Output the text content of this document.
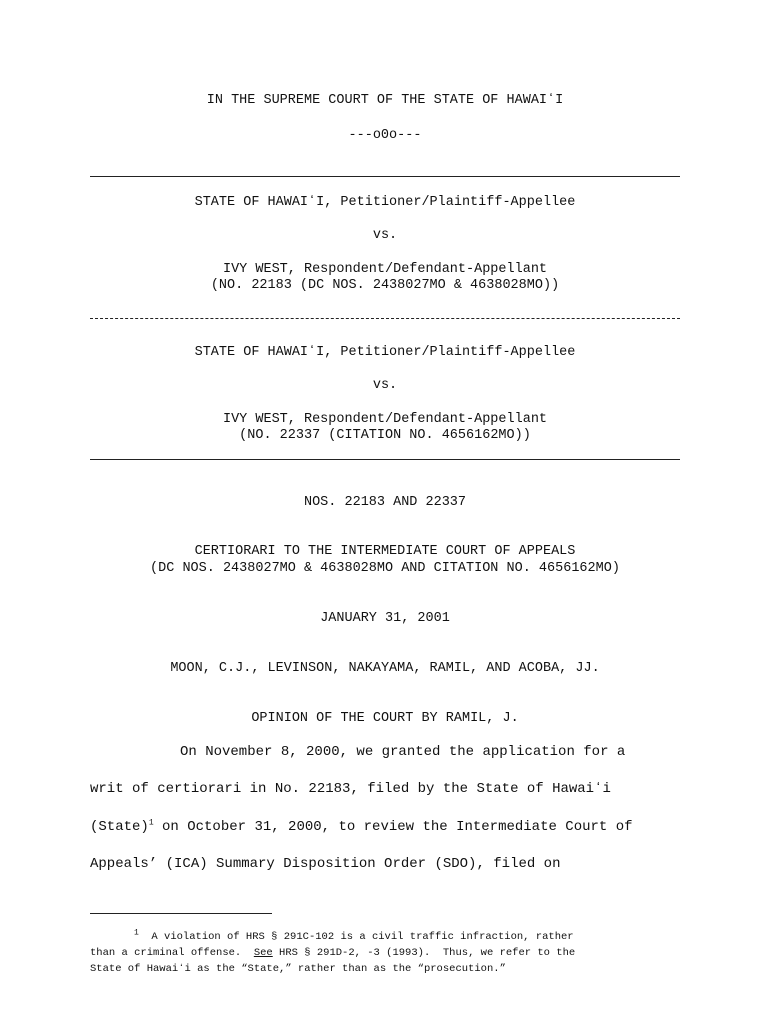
IN THE SUPREME COURT OF THE STATE OF HAWAIʻI
---o0o---
STATE OF HAWAIʻI, Petitioner/Plaintiff-Appellee
vs.
IVY WEST, Respondent/Defendant-Appellant
(NO. 22183 (DC NOS. 2438027MO & 4638028MO))
STATE OF HAWAIʻI, Petitioner/Plaintiff-Appellee
vs.
IVY WEST, Respondent/Defendant-Appellant
(NO. 22337 (CITATION NO. 4656162MO))
NOS. 22183 AND 22337
CERTIORARI TO THE INTERMEDIATE COURT OF APPEALS
(DC NOS. 2438027MO & 4638028MO AND CITATION NO. 4656162MO)
JANUARY 31, 2001
MOON, C.J., LEVINSON, NAKAYAMA, RAMIL, AND ACOBA, JJ.
OPINION OF THE COURT BY RAMIL, J.
On November 8, 2000, we granted the application for a
writ of certiorari in No. 22183, filed by the State of Hawaiʻi
(State)$^1$ on October 31, 2000, to review the Intermediate Court of
Appeals’ (ICA) Summary Disposition Order (SDO), filed on
$^1$ A violation of HRS § 291C-102 is a civil traffic infraction, rather
than a criminal offense.  See HRS § 291D-2, -3 (1993).  Thus, we refer to the
State of Hawaiʻi as the “State,” rather than as the “prosecution.”
